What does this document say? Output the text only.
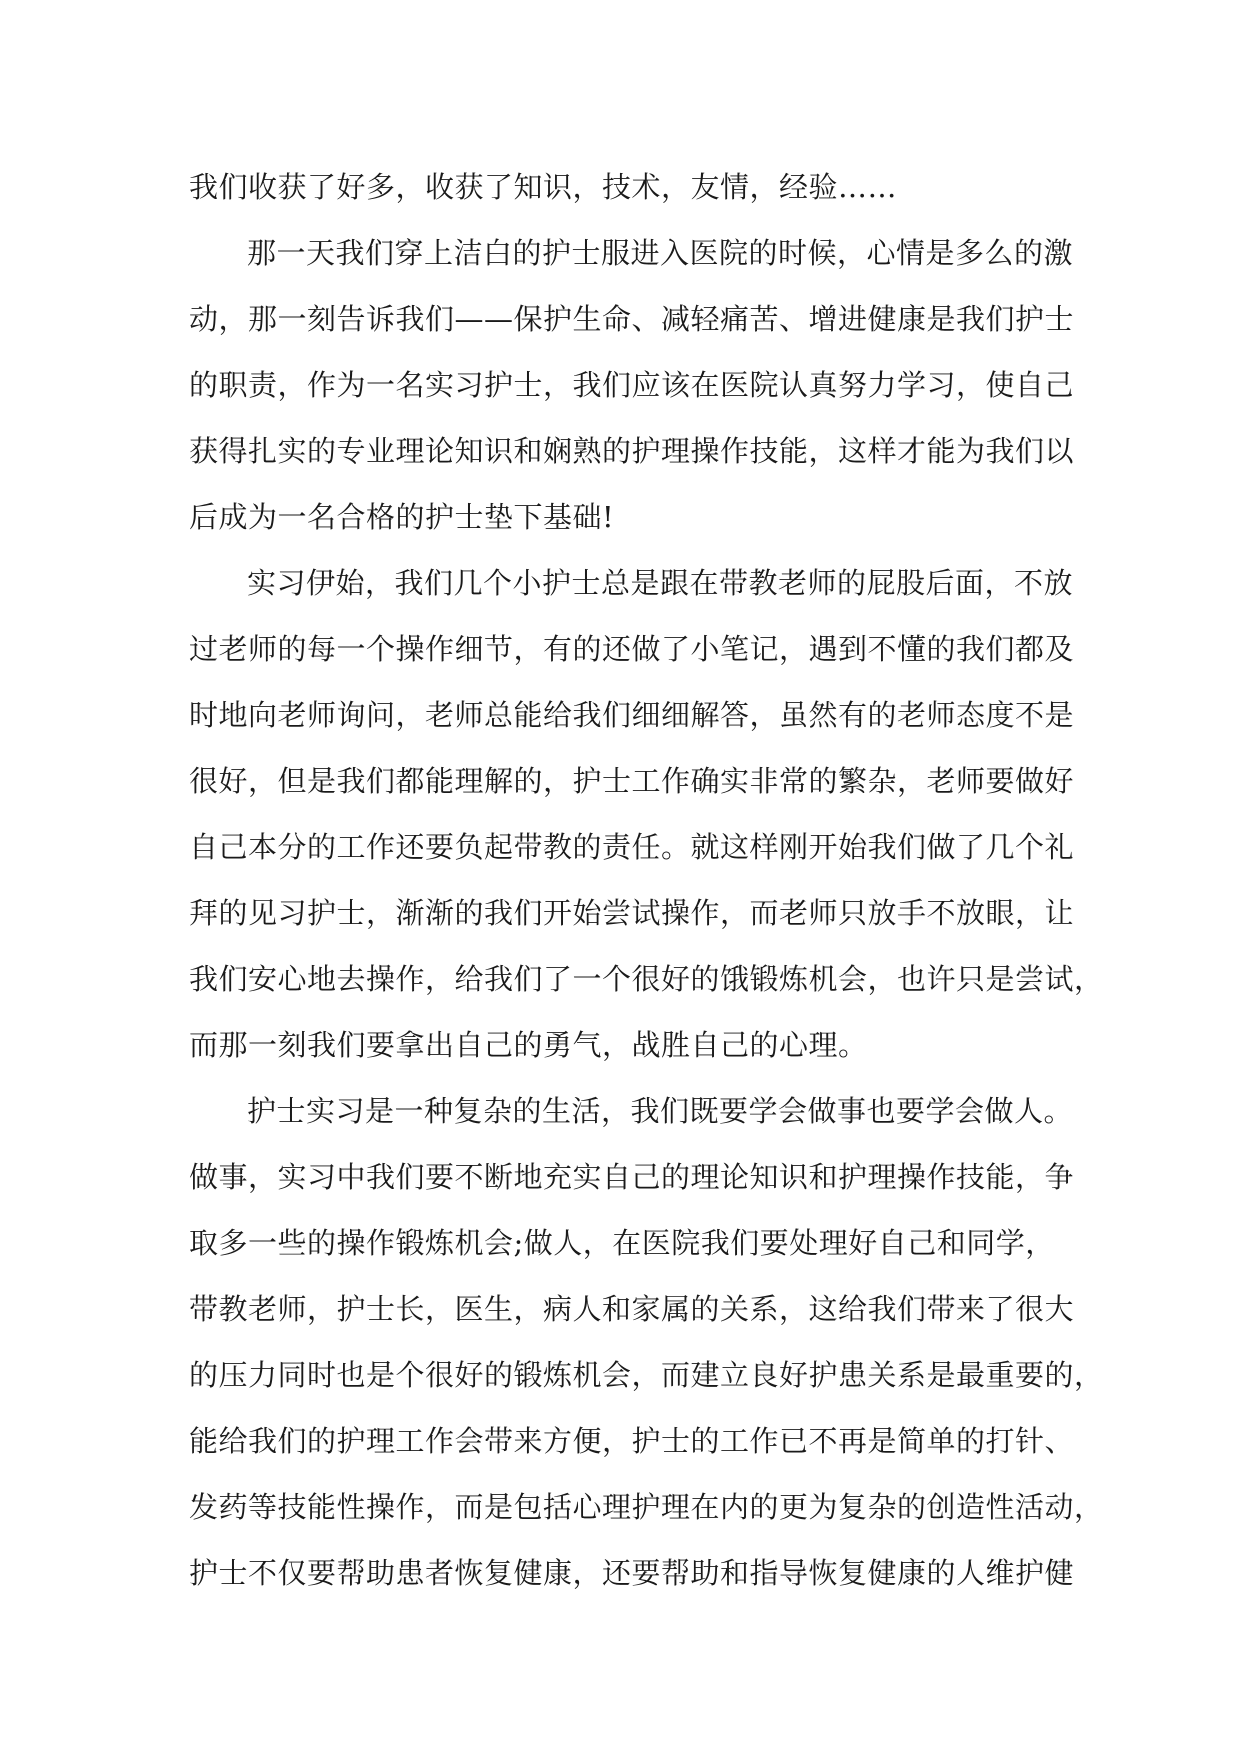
我们收获了好多，收获了知识，技术，友情，经验……
那一天我们穿上洁白的护士服进入医院的时候，心情是多么的激
动，那一刻告诉我们——保护生命、减轻痛苦、增进健康是我们护士
的职责，作为一名实习护士，我们应该在医院认真努力学习，使自己
获得扎实的专业理论知识和娴熟的护理操作技能，这样才能为我们以
后成为一名合格的护士垫下基础!
实习伊始，我们几个小护士总是跟在带教老师的屁股后面，不放
过老师的每一个操作细节，有的还做了小笔记，遇到不懂的我们都及
时地向老师询问，老师总能给我们细细解答，虽然有的老师态度不是
很好，但是我们都能理解的，护士工作确实非常的繁杂，老师要做好
自己本分的工作还要负起带教的责任。就这样刚开始我们做了几个礼
拜的见习护士，渐渐的我们开始尝试操作，而老师只放手不放眼，让
我们安心地去操作，给我们了一个很好的饿锻炼机会，也许只是尝试，
而那一刻我们要拿出自己的勇气，战胜自己的心理。
护士实习是一种复杂的生活，我们既要学会做事也要学会做人。
做事，实习中我们要不断地充实自己的理论知识和护理操作技能，争
取多一些的操作锻炼机会;做人，在医院我们要处理好自己和同学，
带教老师，护士长，医生，病人和家属的关系，这给我们带来了很大
的压力同时也是个很好的锻炼机会，而建立良好护患关系是最重要的，
能给我们的护理工作会带来方便，护士的工作已不再是简单的打针、
发药等技能性操作，而是包括心理护理在内的更为复杂的创造性活动，
护士不仅要帮助患者恢复健康，还要帮助和指导恢复健康的人维护健
